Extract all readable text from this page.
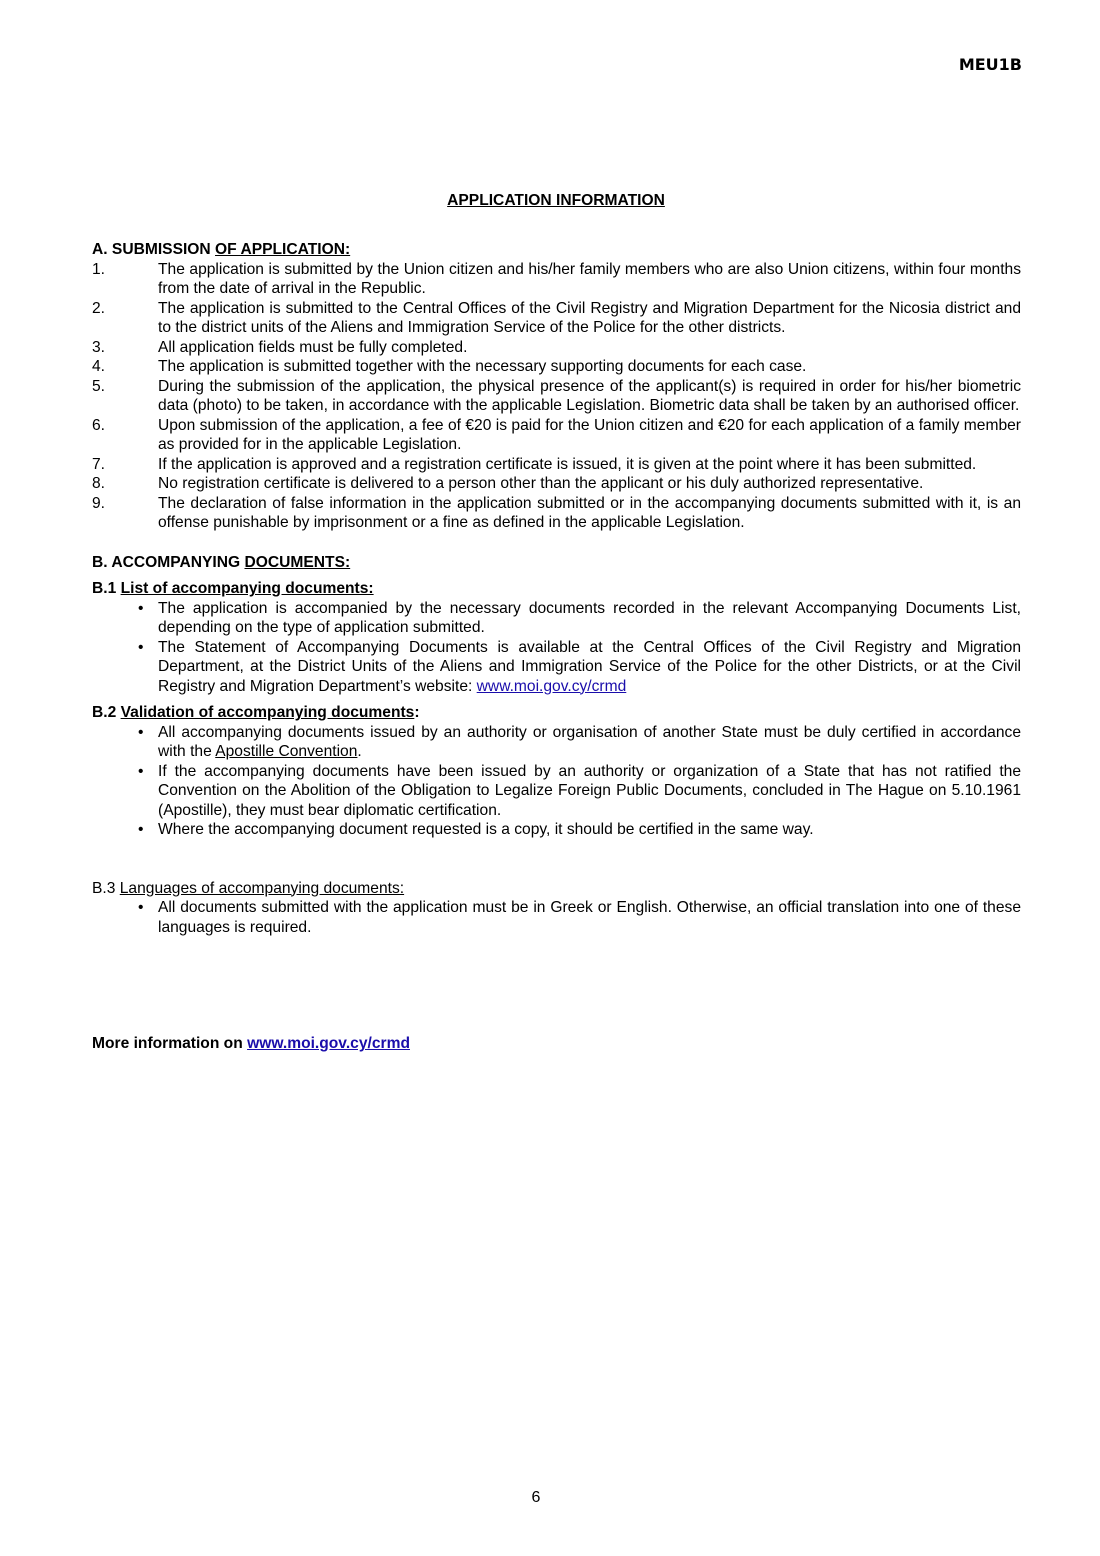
MEU1B
APPLICATION INFORMATION
A. SUBMISSION OF APPLICATION:
1.	The application is submitted by the Union citizen and his/her family members who are also Union citizens, within four months from the date of arrival in the Republic.
2.	The application is submitted to the Central Offices of the Civil Registry and Migration Department for the Nicosia district and to the district units of the Aliens and Immigration Service of the Police for the other districts.
3.	All application fields must be fully completed.
4.	The application is submitted together with the necessary supporting documents for each case.
5.	During the submission of the application, the physical presence of the applicant(s) is required in order for his/her biometric data (photo) to be taken, in accordance with the applicable Legislation. Biometric data shall be taken by an authorised officer.
6.	Upon submission of the application, a fee of €20 is paid for the Union citizen and €20 for each application of a family member as provided for in the applicable Legislation.
7.	If the application is approved and a registration certificate is issued, it is given at the point where it has been submitted.
8.	No registration certificate is delivered to a person other than the applicant or his duly authorized representative.
9.	The declaration of false information in the application submitted or in the accompanying documents submitted with it, is an offense punishable by imprisonment or a fine as defined in the applicable Legislation.
B. ACCOMPANYING DOCUMENTS:
B.1 List of accompanying documents:
• The application is accompanied by the necessary documents recorded in the relevant Accompanying Documents List, depending on the type of application submitted.
• The Statement of Accompanying Documents is available at the Central Offices of the Civil Registry and Migration Department, at the District Units of the Aliens and Immigration Service of the Police for the other Districts, or at the Civil Registry and Migration Department’s website: www.moi.gov.cy/crmd
B.2 Validation of accompanying documents:
• All accompanying documents issued by an authority or organisation of another State must be duly certified in accordance with the Apostille Convention.
• If the accompanying documents have been issued by an authority or organization of a State that has not ratified the Convention on the Abolition of the Obligation to Legalize Foreign Public Documents, concluded in The Hague on 5.10.1961 (Apostille), they must bear diplomatic certification.
• Where the accompanying document requested is a copy, it should be certified in the same way.
B.3 Languages of accompanying documents:
• All documents submitted with the application must be in Greek or English. Otherwise, an official translation into one of these languages is required.
More information on www.moi.gov.cy/crmd
6
